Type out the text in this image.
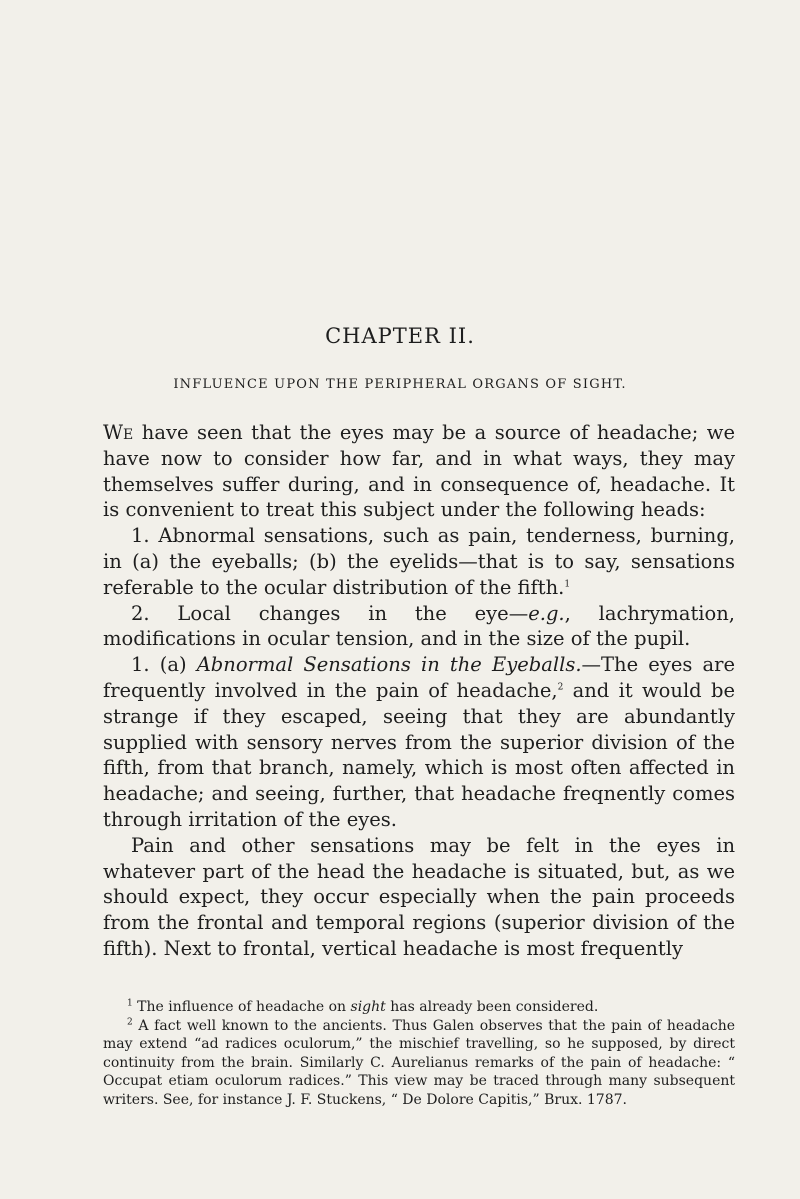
CHAPTER II.
INFLUENCE UPON THE PERIPHERAL ORGANS OF SIGHT.

We have seen that the eyes may be a source of headache; we have now to consider how far, and in what ways, they may themselves suffer during, and in consequence of, headache. It is convenient to treat this subject under the following heads:

1. Abnormal sensations, such as pain, tenderness, burning, in (a) the eyeballs; (b) the eyelids—that is to say, sensations referable to the ocular distribution of the fifth.$^1$

2. Local changes in the eye—e.g., lachrymation, modifications in ocular tension, and in the size of the pupil.

1. (a) Abnormal Sensations in the Eyeballs.—The eyes are frequently involved in the pain of headache,$^2$ and it would be strange if they escaped, seeing that they are abundantly supplied with sensory nerves from the superior division of the fifth, from that branch, namely, which is most often affected in headache; and seeing, further, that headache freqnently comes through irritation of the eyes.

Pain and other sensations may be felt in the eyes in whatever part of the head the headache is situated, but, as we should expect, they occur especially when the pain proceeds from the frontal and temporal regions (superior division of the fifth). Next to frontal, vertical headache is most frequently

$^1$ The influence of headache on sight has already been considered.

$^2$ A fact well known to the ancients. Thus Galen observes that the pain of headache may extend “ad radices oculorum,” the mischief travelling, so he supposed, by direct continuity from the brain. Similarly C. Aurelianus remarks of the pain of headache: “ Occupat etiam oculorum radices.” This view may be traced through many subsequent writers. See, for instance J. F. Stuckens, “ De Dolore Capitis,” Brux. 1787.
